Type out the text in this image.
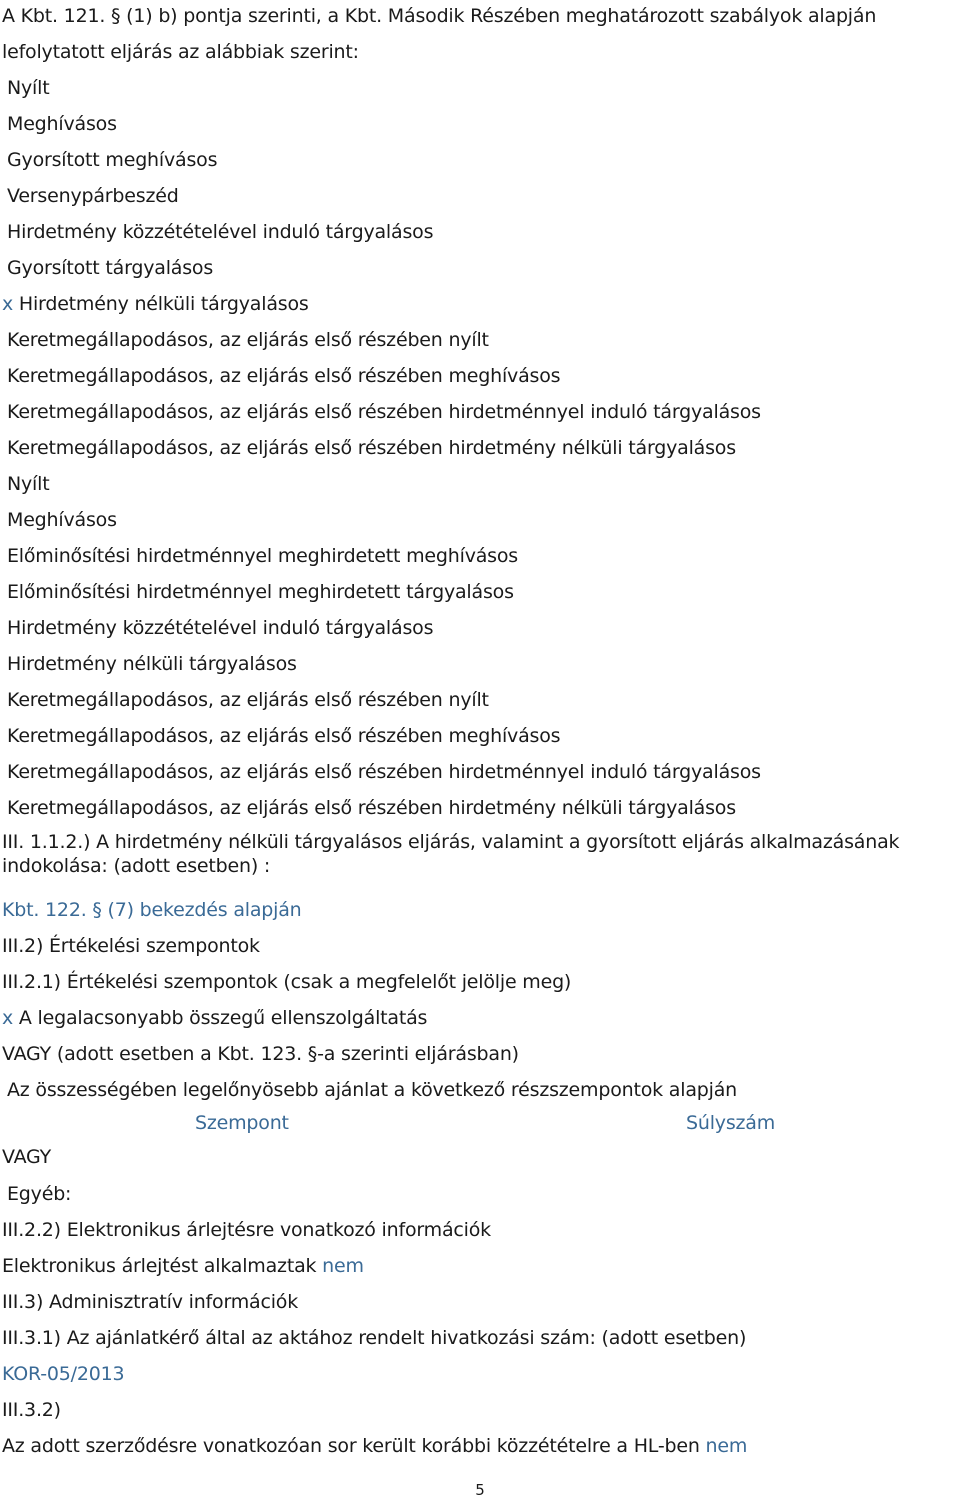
A Kbt. 121. § (1) b) pontja szerinti, a Kbt. Második Részében meghatározott szabályok alapján
lefolytatott eljárás az alábbiak szerint:
Nyílt
Meghívásos
Gyorsított meghívásos
Versenypárbeszéd
Hirdetmény közzétételével induló tárgyalásos
Gyorsított tárgyalásos
x Hirdetmény nélküli tárgyalásos
Keretmegállapodásos, az eljárás első részében nyílt
Keretmegállapodásos, az eljárás első részében meghívásos
Keretmegállapodásos, az eljárás első részében hirdetménnyel induló tárgyalásos
Keretmegállapodásos, az eljárás első részében hirdetmény nélküli tárgyalásos
Nyílt
Meghívásos
Előminősítési hirdetménnyel meghirdetett meghívásos
Előminősítési hirdetménnyel meghirdetett tárgyalásos
Hirdetmény közzétételével induló tárgyalásos
Hirdetmény nélküli tárgyalásos
Keretmegállapodásos, az eljárás első részében nyílt
Keretmegállapodásos, az eljárás első részében meghívásos
Keretmegállapodásos, az eljárás első részében hirdetménnyel induló tárgyalásos
Keretmegállapodásos, az eljárás első részében hirdetmény nélküli tárgyalásos
III. 1.1.2.) A hirdetmény nélküli tárgyalásos eljárás, valamint a gyorsított eljárás alkalmazásának indokolása: (adott esetben) :
Kbt. 122. § (7) bekezdés alapján
III.2) Értékelési szempontok
III.2.1) Értékelési szempontok (csak a megfelelőt jelölje meg)
x A legalacsonyabb összegű ellenszolgáltatás
VAGY (adott esetben a Kbt. 123. §-a szerinti eljárásban)
Az összességében legelőnyösebb ajánlat a következő részszempontok alapján
Szempont	Súlyszám
VAGY
Egyéb:
III.2.2) Elektronikus árlejtésre vonatkozó információk
Elektronikus árlejtést alkalmaztak nem
III.3) Adminisztratív információk
III.3.1) Az ajánlatkérő által az aktához rendelt hivatkozási szám: (adott esetben)
KOR-05/2013
III.3.2)
Az adott szerződésre vonatkozóan sor került korábbi közzétételre a HL-ben nem
5
